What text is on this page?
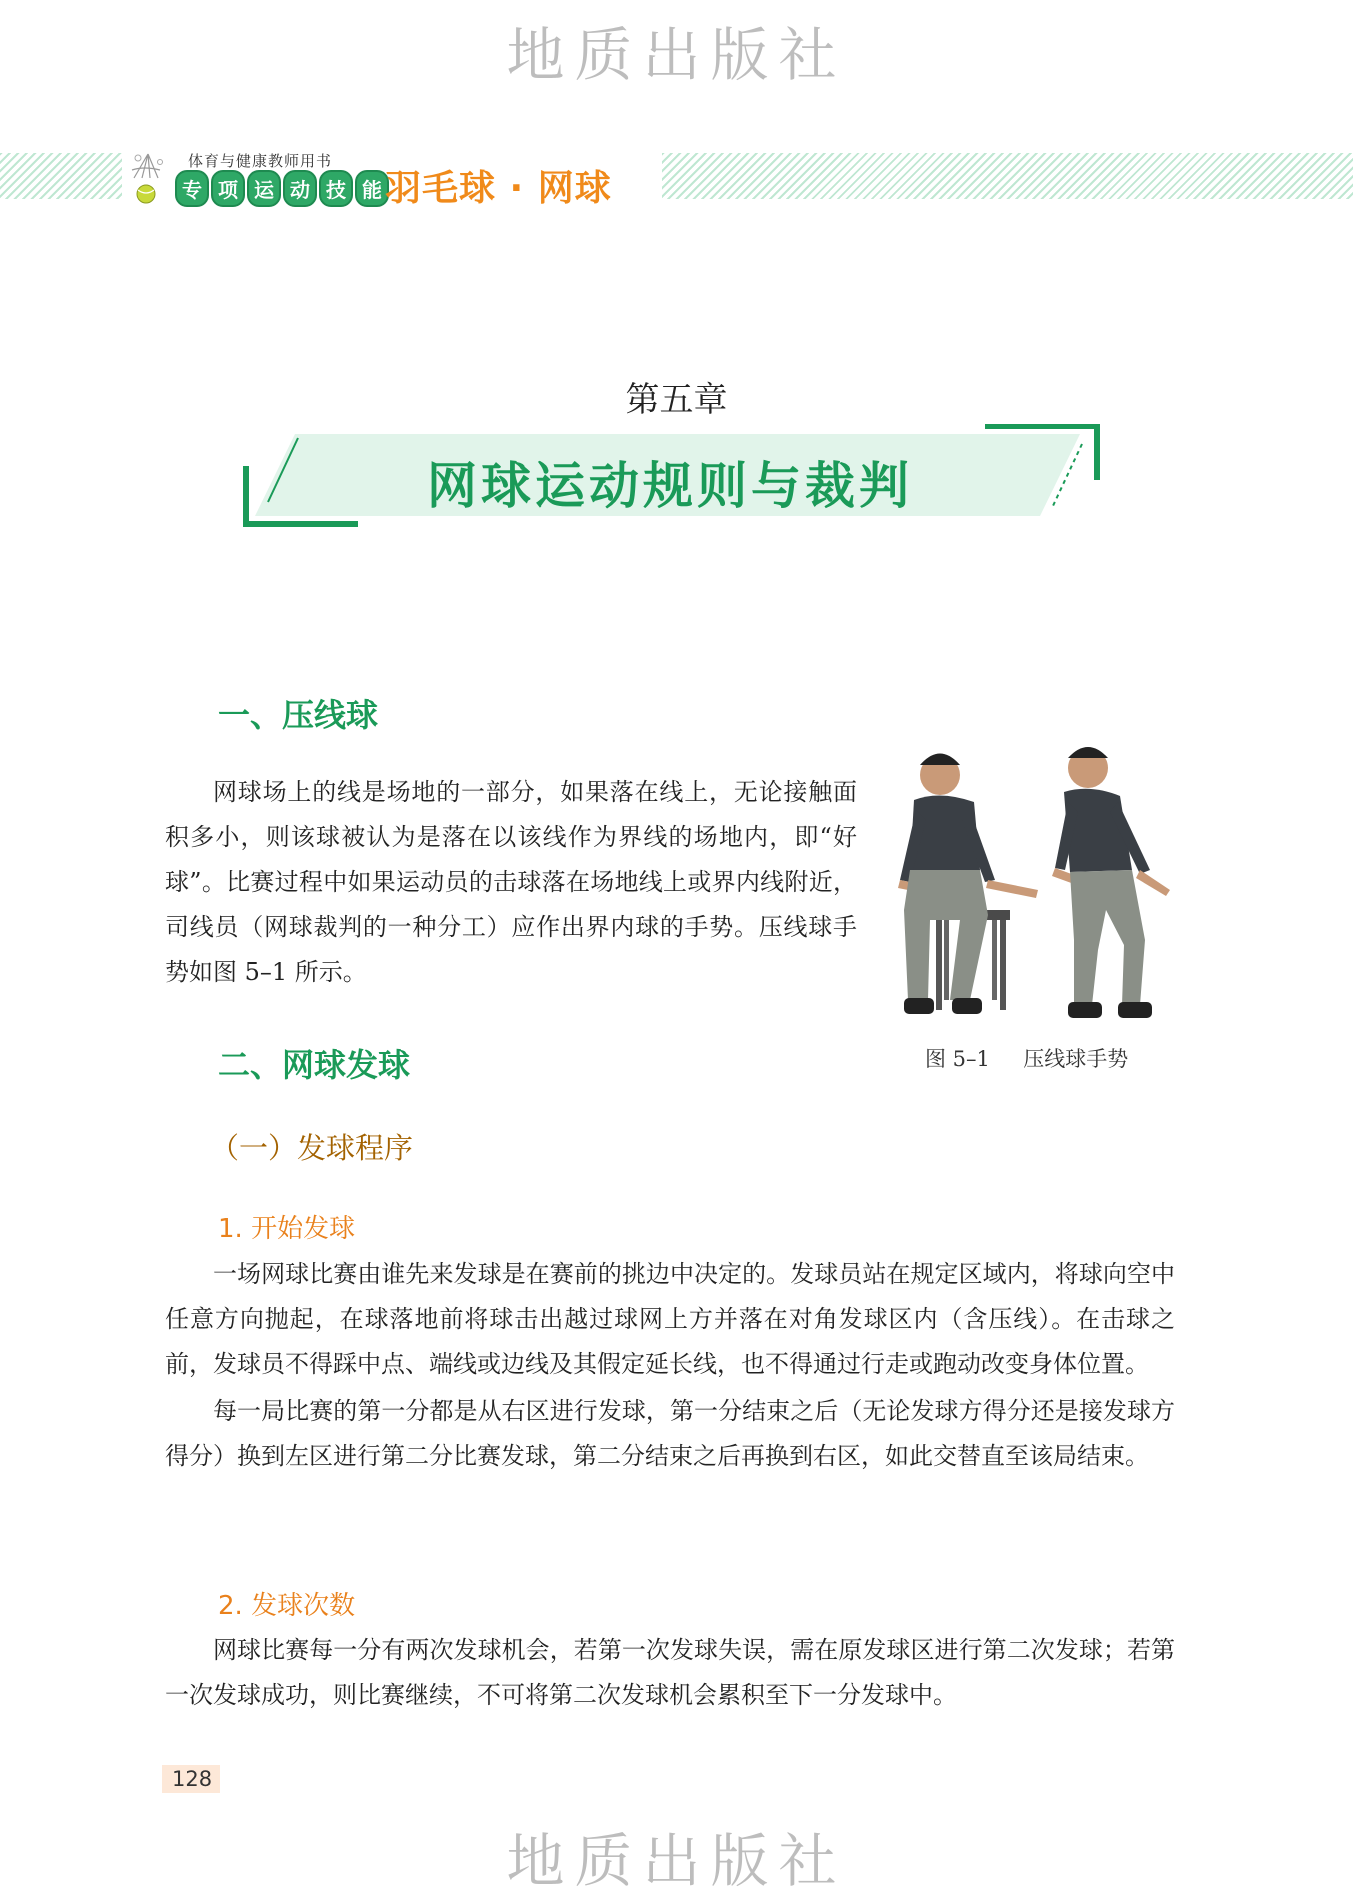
地质出版社
体育与健康教师用书
专 项 运 动 技 能 羽毛球 · 网球
第五章
网球运动规则与裁判
一、压线球

网球场上的线是场地的一部分，如果落在线上，无论接触面积多小，则该球被认为是落在以该线作为界线的场地内，即“好球”。比赛过程中如果运动员的击球落在场地线上或界内线附近，司线员（网球裁判的一种分工）应作出界内球的手势。压线球手势如图 5–1 所示。

图 5–1     压线球手势
二、网球发球
（一）发球程序
1. 开始发球

一场网球比赛由谁先来发球是在赛前的挑边中决定的。发球员站在规定区域内，将球向空中任意方向抛起，在球落地前将球击出越过球网上方并落在对角发球区内（含压线）。在击球之前，发球员不得踩中点、端线或边线及其假定延长线，也不得通过行走或跑动改变身体位置。

每一局比赛的第一分都是从右区进行发球，第一分结束之后（无论发球方得分还是接发球方得分）换到左区进行第二分比赛发球，第二分结束之后再换到右区，如此交替直至该局结束。

2. 发球次数

网球比赛每一分有两次发球机会，若第一次发球失误，需在原发球区进行第二次发球；若第一次发球成功，则比赛继续，不可将第二次发球机会累积至下一分发球中。

128
地质出版社
